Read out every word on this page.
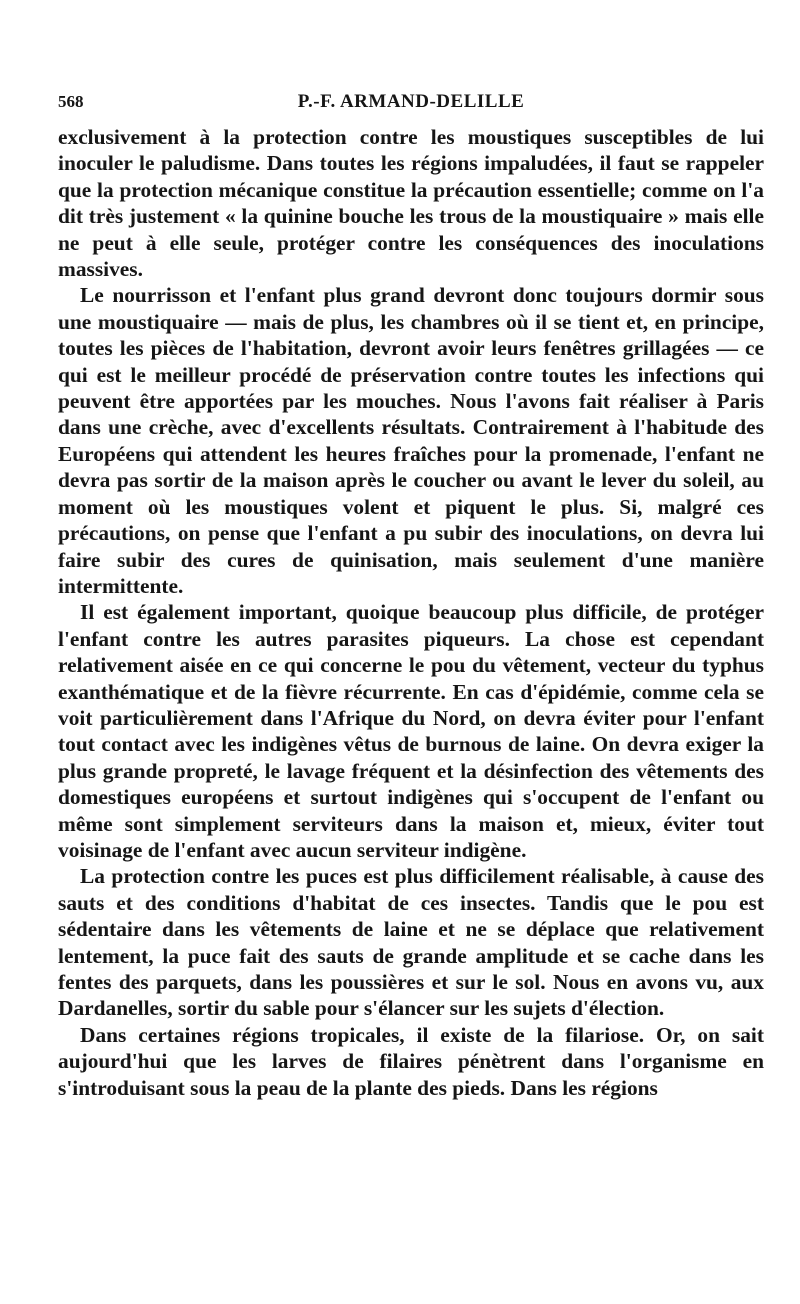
568	P.-F. ARMAND-DELILLE

exclusivement à la protection contre les moustiques susceptibles de lui inoculer le paludisme. Dans toutes les régions impaludées, il faut se rappeler que la protection mécanique constitue la précaution essentielle; comme on l'a dit très justement « la quinine bouche les trous de la moustiquaire » mais elle ne peut à elle seule, protéger contre les conséquences des inoculations massives.

Le nourrisson et l'enfant plus grand devront donc toujours dormir sous une moustiquaire — mais de plus, les chambres où il se tient et, en principe, toutes les pièces de l'habitation, devront avoir leurs fenêtres grillagées — ce qui est le meilleur procédé de préservation contre toutes les infections qui peuvent être apportées par les mouches. Nous l'avons fait réaliser à Paris dans une crèche, avec d'excellents résultats. Contrairement à l'habitude des Européens qui attendent les heures fraîches pour la promenade, l'enfant ne devra pas sortir de la maison après le coucher ou avant le lever du soleil, au moment où les moustiques volent et piquent le plus. Si, malgré ces précautions, on pense que l'enfant a pu subir des inoculations, on devra lui faire subir des cures de quinisation, mais seulement d'une manière intermittente.

Il est également important, quoique beaucoup plus difficile, de protéger l'enfant contre les autres parasites piqueurs. La chose est cependant relativement aisée en ce qui concerne le pou du vêtement, vecteur du typhus exanthématique et de la fièvre récurrente. En cas d'épidémie, comme cela se voit particulièrement dans l'Afrique du Nord, on devra éviter pour l'enfant tout contact avec les indigènes vêtus de burnous de laine. On devra exiger la plus grande propreté, le lavage fréquent et la désinfection des vêtements des domestiques européens et surtout indigènes qui s'occupent de l'enfant ou même sont simplement serviteurs dans la maison et, mieux, éviter tout voisinage de l'enfant avec aucun serviteur indigène.

La protection contre les puces est plus difficilement réalisable, à cause des sauts et des conditions d'habitat de ces insectes. Tandis que le pou est sédentaire dans les vêtements de laine et ne se déplace que relativement lentement, la puce fait des sauts de grande amplitude et se cache dans les fentes des parquets, dans les poussières et sur le sol. Nous en avons vu, aux Dardanelles, sortir du sable pour s'élancer sur les sujets d'élection.

Dans certaines régions tropicales, il existe de la filariose. Or, on sait aujourd'hui que les larves de filaires pénètrent dans l'organisme en s'introduisant sous la peau de la plante des pieds. Dans les régions
